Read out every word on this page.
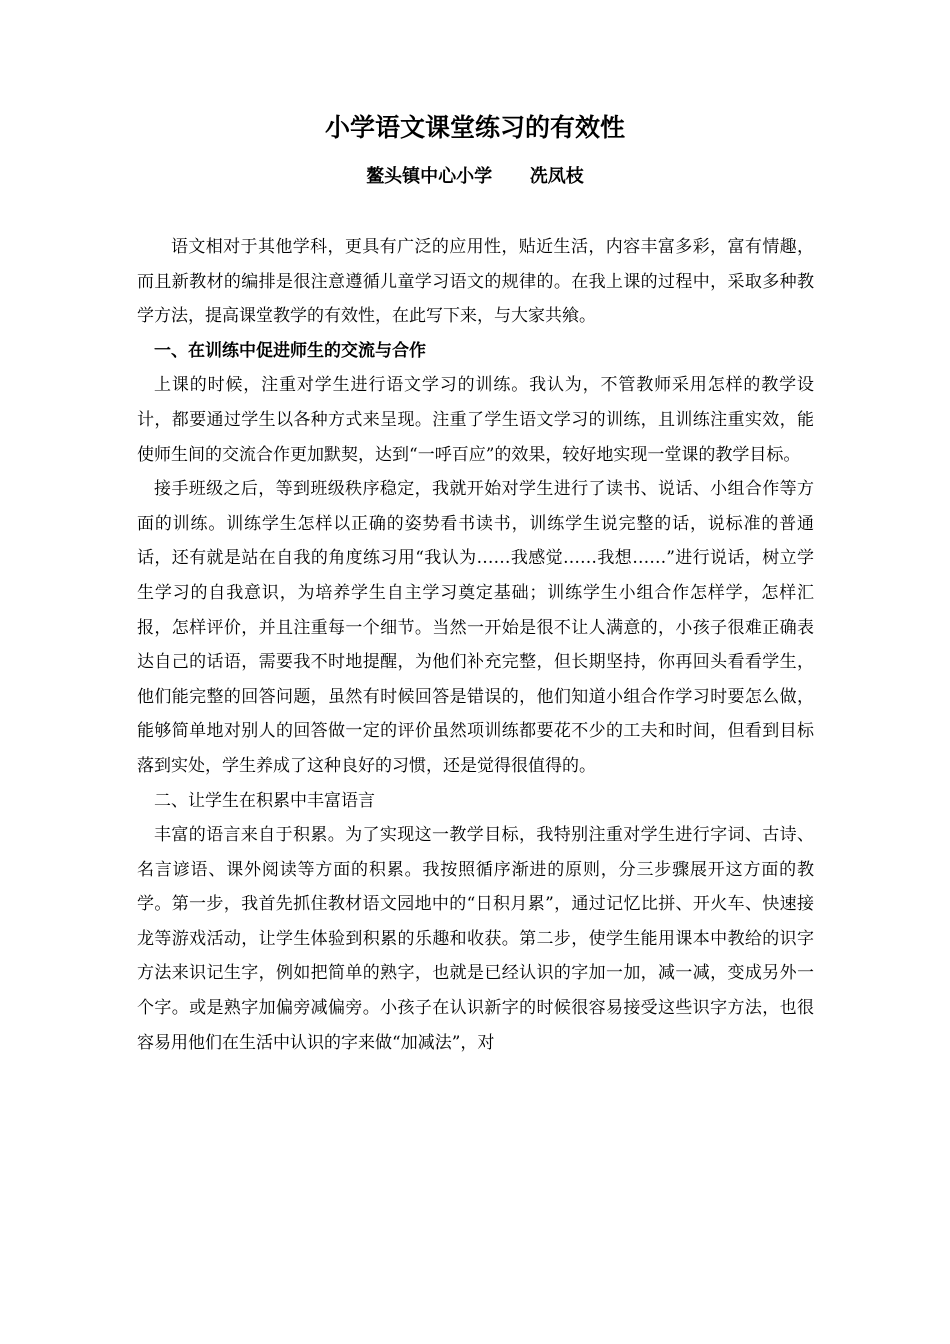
小学语文课堂练习的有效性
鳌头镇中心小学      冼凤枝

语文相对于其他学科，更具有广泛的应用性，贴近生活，内容丰富多彩，富有情趣，而且新教材的编排是很注意遵循儿童学习语文的规律的。在我上课的过程中，采取多种教学方法，提高课堂教学的有效性，在此写下来，与大家共飨。

一、在训练中促进师生的交流与合作

上课的时候，注重对学生进行语文学习的训练。我认为，不管教师采用怎样的教学设计，都要通过学生以各种方式来呈现。注重了学生语文学习的训练，且训练注重实效，能使师生间的交流合作更加默契，达到“一呼百应”的效果，较好地实现一堂课的教学目标。

接手班级之后，等到班级秩序稳定，我就开始对学生进行了读书、说话、小组合作等方面的训练。训练学生怎样以正确的姿势看书读书，训练学生说完整的话，说标准的普通话，还有就是站在自我的角度练习用“我认为……我感觉……我想……”进行说话，树立学生学习的自我意识，为培养学生自主学习奠定基础；训练学生小组合作怎样学，怎样汇报，怎样评价，并且注重每一个细节。当然一开始是很不让人满意的，小孩子很难正确表达自己的话语，需要我不时地提醒，为他们补充完整，但长期坚持，你再回头看看学生，他们能完整的回答问题，虽然有时候回答是错误的，他们知道小组合作学习时要怎么做，能够简单地对别人的回答做一定的评价虽然项训练都要花不少的工夫和时间，但看到目标落到实处，学生养成了这种良好的习惯，还是觉得很值得的。

二、让学生在积累中丰富语言

丰富的语言来自于积累。为了实现这一教学目标，我特别注重对学生进行字词、古诗、名言谚语、课外阅读等方面的积累。我按照循序渐进的原则，分三步骤展开这方面的教学。第一步，我首先抓住教材语文园地中的“日积月累”，通过记忆比拼、开火车、快速接龙等游戏活动，让学生体验到积累的乐趣和收获。第二步，使学生能用课本中教给的识字方法来识记生字，例如把简单的熟字，也就是已经认识的字加一加，减一减，变成另外一个字。或是熟字加偏旁减偏旁。小孩子在认识新字的时候很容易接受这些识字方法，也很容易用他们在生活中认识的字来做“加减法”，对
